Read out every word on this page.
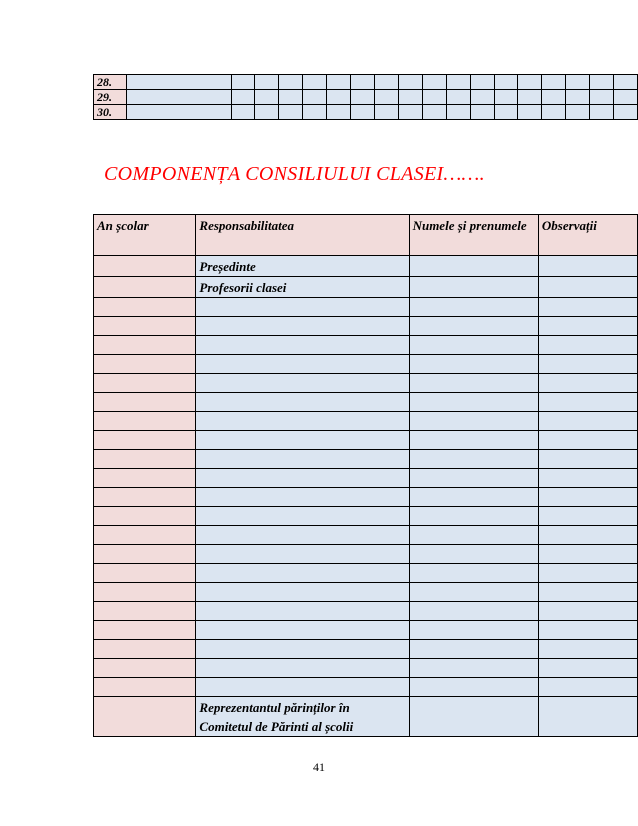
28.																		
29.																		
30.																		
COMPONENȚA CONSILIULUI CLASEI…….
An școlar	Responsabilitatea	Numele și prenumele	Observații
	Președinte		
	Profesorii clasei		

	Reprezentantul părinților în Comitetul de Părinti al școlii		

41
